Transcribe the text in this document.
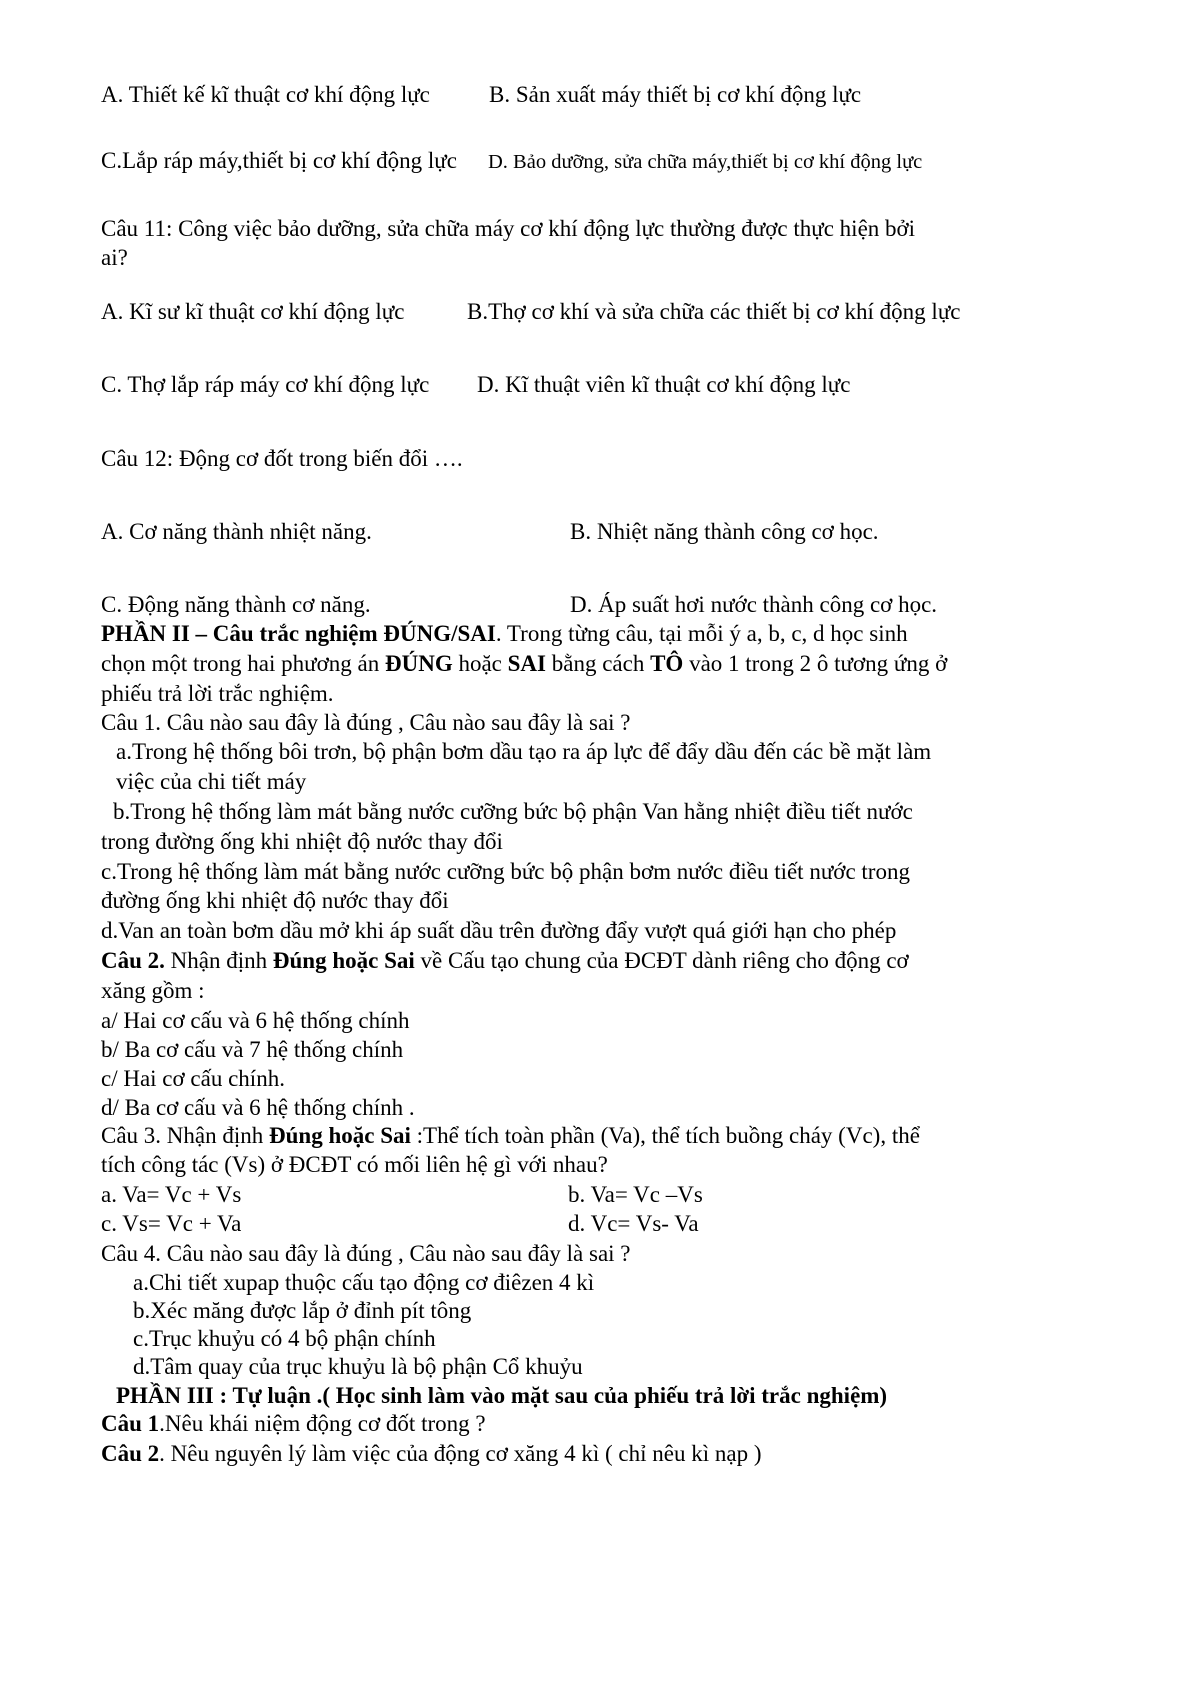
A. Thiết kế kĩ thuật cơ khí động lực	B. Sản xuất máy thiết bị cơ khí động lực
C.Lắp ráp máy,thiết bị cơ khí động lực D. Bảo dưỡng, sửa chữa máy,thiết bị cơ khí động lực
Câu 11: Công việc bảo dưỡng, sửa chữa máy cơ khí động lực thường được thực hiện bởi
ai?
A. Kĩ sư kĩ thuật cơ khí động lực	B.Thợ cơ khí và sửa chữa các thiết bị cơ khí động lực
C. Thợ lắp ráp máy cơ khí động lực D. Kĩ thuật viên kĩ thuật cơ khí động lực
Câu 12: Động cơ đốt trong biến đổi ….
A. Cơ năng thành nhiệt năng.	B. Nhiệt năng thành công cơ học.
C. Động năng thành cơ năng.	D. Áp suất hơi nước thành công cơ học.
PHẦN II – Câu trắc nghiệm ĐÚNG/SAI. Trong từng câu, tại mỗi ý a, b, c, d học sinh
chọn một trong hai phương án ĐÚNG hoặc SAI bằng cách TÔ vào 1 trong 2 ô tương ứng ở
phiếu trả lời trắc nghiệm.
Câu 1. Câu nào sau đây là đúng , Câu nào sau đây là sai ?
a.Trong hệ thống bôi trơn, bộ phận bơm dầu tạo ra áp lực để đẩy dầu đến các bề mặt làm
việc của chi tiết máy
b.Trong hệ thống làm mát bằng nước cưỡng bức bộ phận Van hằng nhiệt điều tiết nước
trong đường ống khi nhiệt độ nước thay đổi
c.Trong hệ thống làm mát bằng nước cưỡng bức bộ phận bơm nước điều tiết nước trong
đường ống khi nhiệt độ nước thay đổi
d.Van an toàn bơm dầu mở khi áp suất dầu trên đường đẩy vượt quá giới hạn cho phép
Câu 2. Nhận định Đúng hoặc Sai về Cấu tạo chung của ĐCĐT dành riêng cho động cơ
xăng gồm :
a/ Hai cơ cấu và 6 hệ thống chính
b/ Ba cơ cấu và 7 hệ thống chính
c/ Hai cơ cấu chính.
d/ Ba cơ cấu và 6 hệ thống chính .
Câu 3. Nhận định Đúng hoặc Sai :Thể tích toàn phần (Va), thể tích buồng cháy (Vc), thể
tích công tác (Vs) ở ĐCĐT có mối liên hệ gì với nhau?
a. Va= Vc + Vs	b. Va= Vc –Vs
c. Vs= Vc + Va	d. Vc= Vs- Va
Câu 4. Câu nào sau đây là đúng , Câu nào sau đây là sai ?
a.Chi tiết xupap thuộc cấu tạo động cơ điêzen 4 kì
b.Xéc măng được lắp ở đỉnh pít tông
c.Trục khuỷu có 4 bộ phận chính
d.Tâm quay của trục khuỷu là bộ phận Cổ khuỷu
PHẦN III : Tự luận .( Học sinh làm vào mặt sau của phiếu trả lời trắc nghiệm)
Câu 1.Nêu khái niệm động cơ đốt trong ?
Câu 2. Nêu nguyên lý làm việc của động cơ xăng 4 kì ( chỉ nêu kì nạp )
